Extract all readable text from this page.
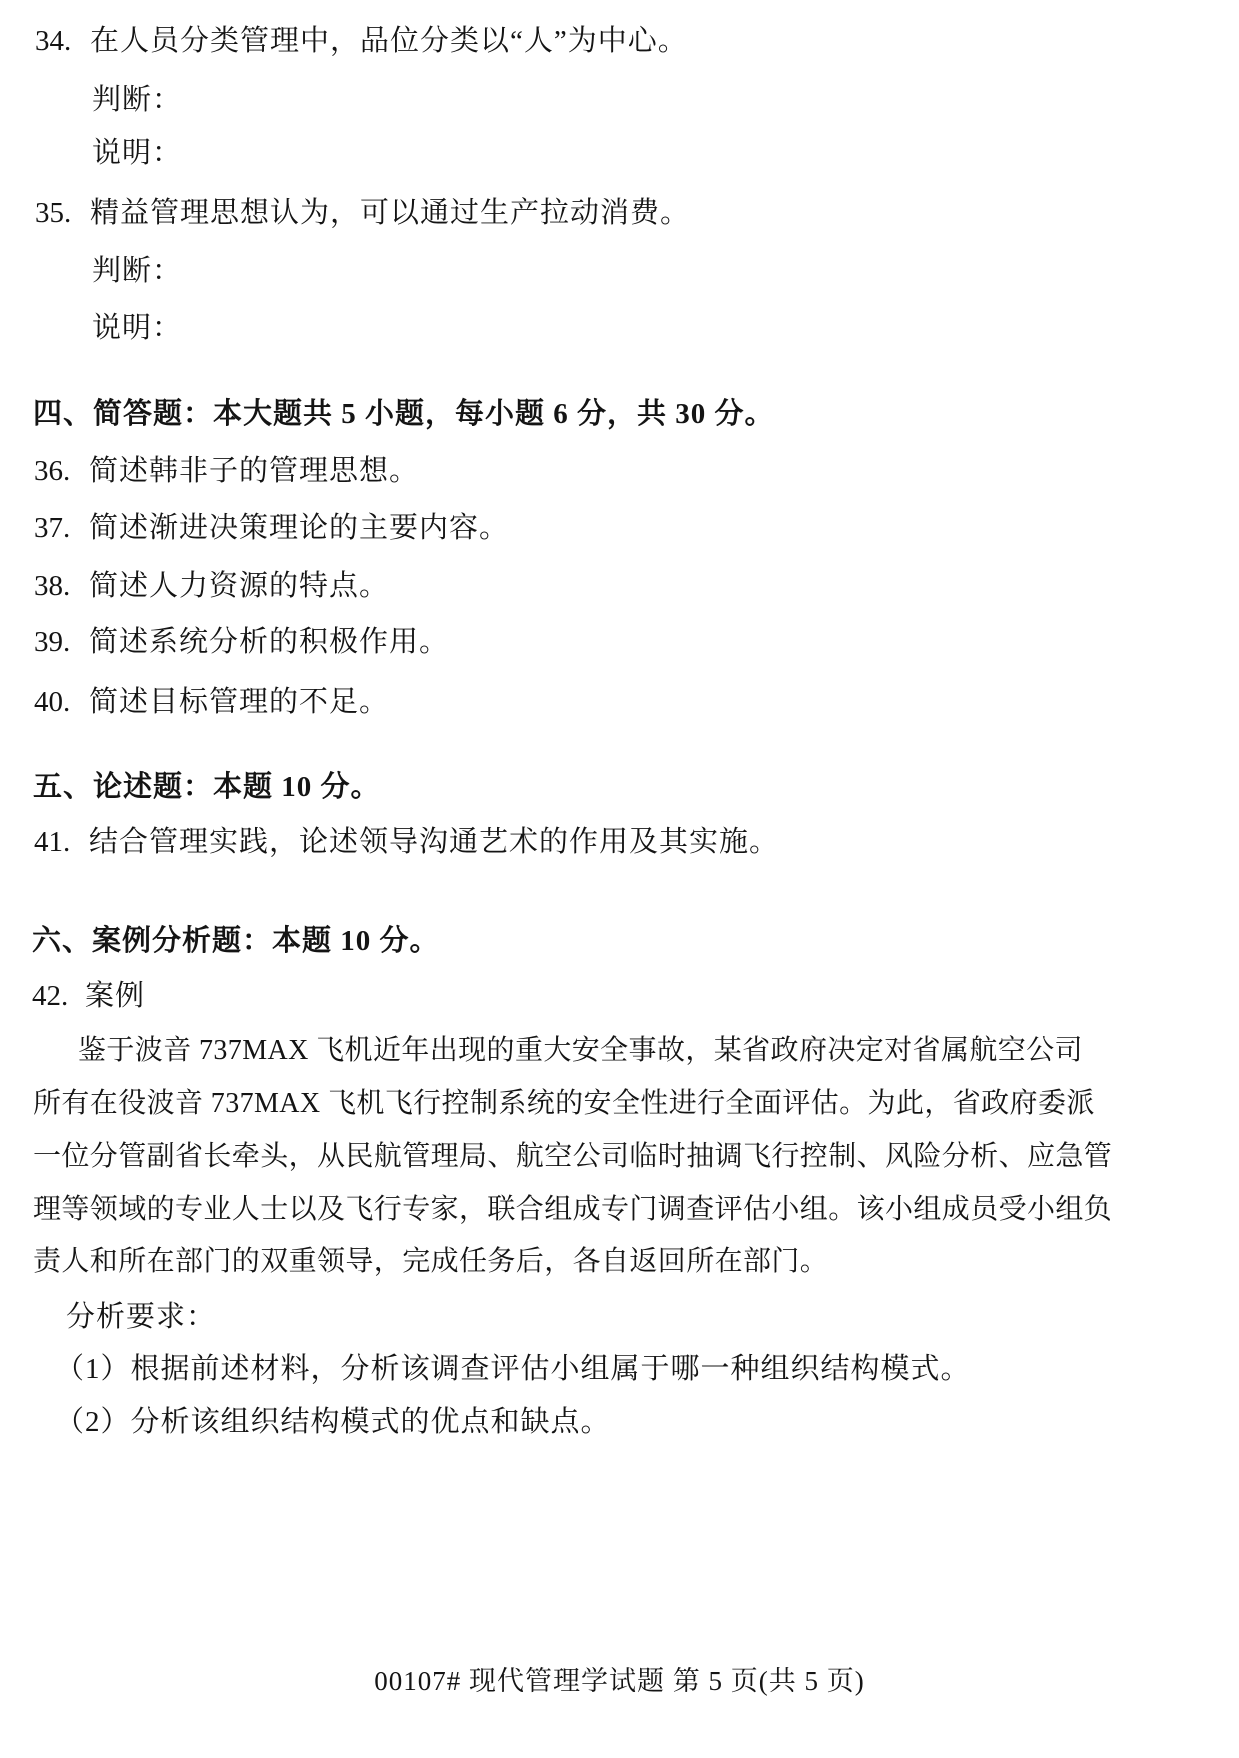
34. 在人员分类管理中，品位分类以“人”为中心。
判断：
说明：
35. 精益管理思想认为，可以通过生产拉动消费。
判断：
说明：
四、简答题：本大题共 5 小题，每小题 6 分，共 30 分。
36. 简述韩非子的管理思想。
37. 简述渐进决策理论的主要内容。
38. 简述人力资源的特点。
39. 简述系统分析的积极作用。
40. 简述目标管理的不足。
五、论述题：本题 10 分。
41. 结合管理实践，论述领导沟通艺术的作用及其实施。
六、案例分析题：本题 10 分。
42. 案例
鉴于波音 737MAX 飞机近年出现的重大安全事故，某省政府决定对省属航空公司
所有在役波音 737MAX 飞机飞行控制系统的安全性进行全面评估。为此，省政府委派
一位分管副省长牵头，从民航管理局、航空公司临时抽调飞行控制、风险分析、应急管
理等领域的专业人士以及飞行专家，联合组成专门调查评估小组。该小组成员受小组负
责人和所在部门的双重领导，完成任务后，各自返回所在部门。
分析要求：
（1）根据前述材料，分析该调查评估小组属于哪一种组织结构模式。
（2）分析该组织结构模式的优点和缺点。
00107# 现代管理学试题 第 5 页(共 5 页)
